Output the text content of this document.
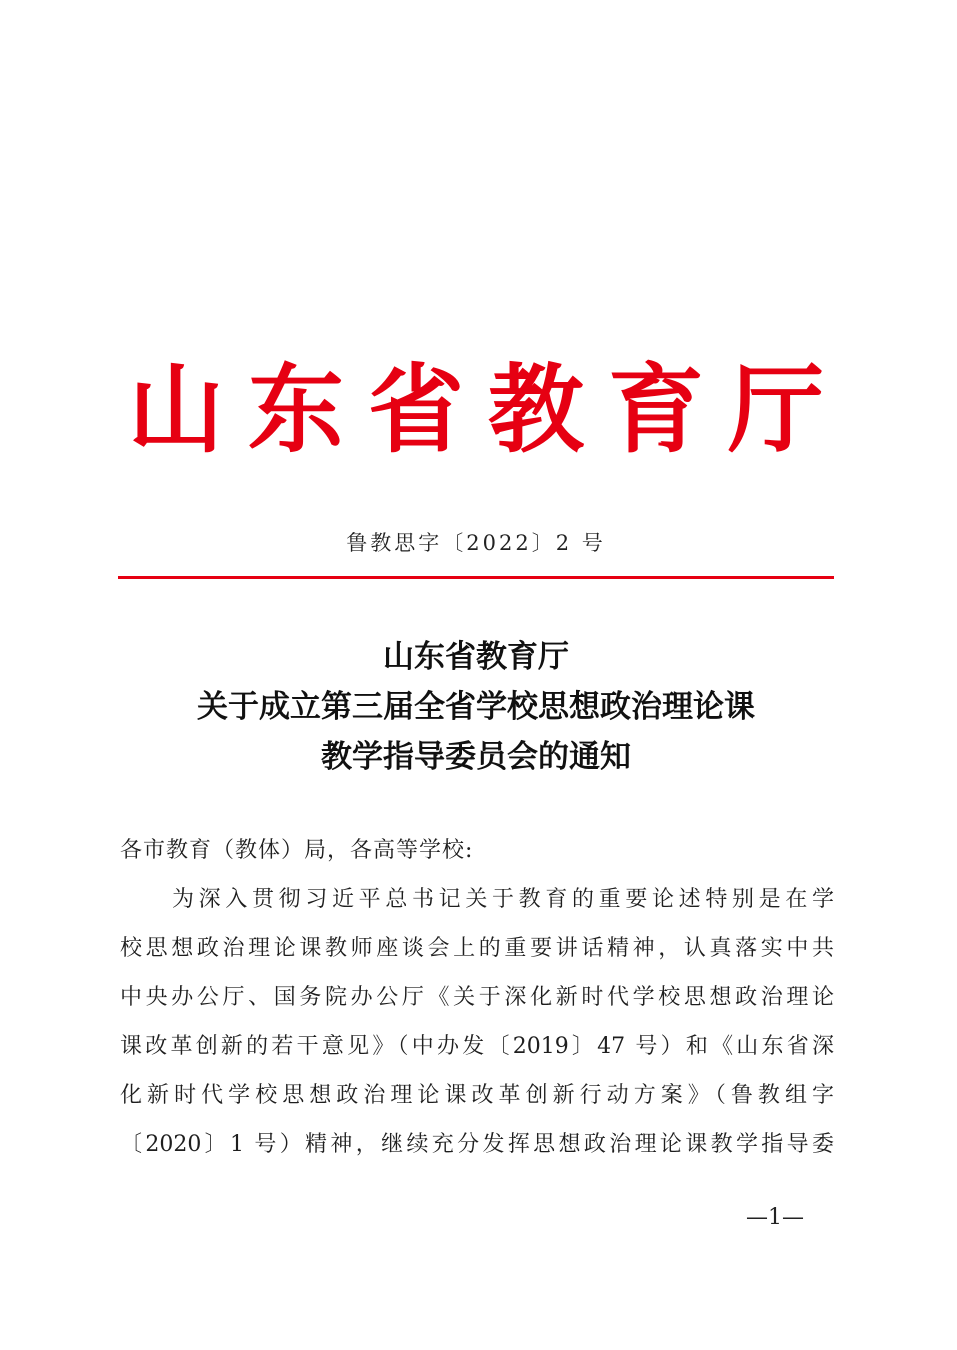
山 东 省 教 育 厅
鲁教思字〔2022〕2 号
山东省教育厅
关于成立第三届全省学校思想政治理论课
教学指导委员会的通知
各市教育（教体）局，各高等学校:
为深入贯彻习近平总书记关于教育的重要论述特别是在学
校思想政治理论课教师座谈会上的重要讲话精神，认真落实中共
中央办公厅、国务院办公厅《关于深化新时代学校思想政治理论
课改革创新的若干意见》（中办发〔2019〕47 号）和《山东省深
化新时代学校思想政治理论课改革创新行动方案》（鲁教组字
〔2020〕1 号）精神，继续充分发挥思想政治理论课教学指导委
—1—
